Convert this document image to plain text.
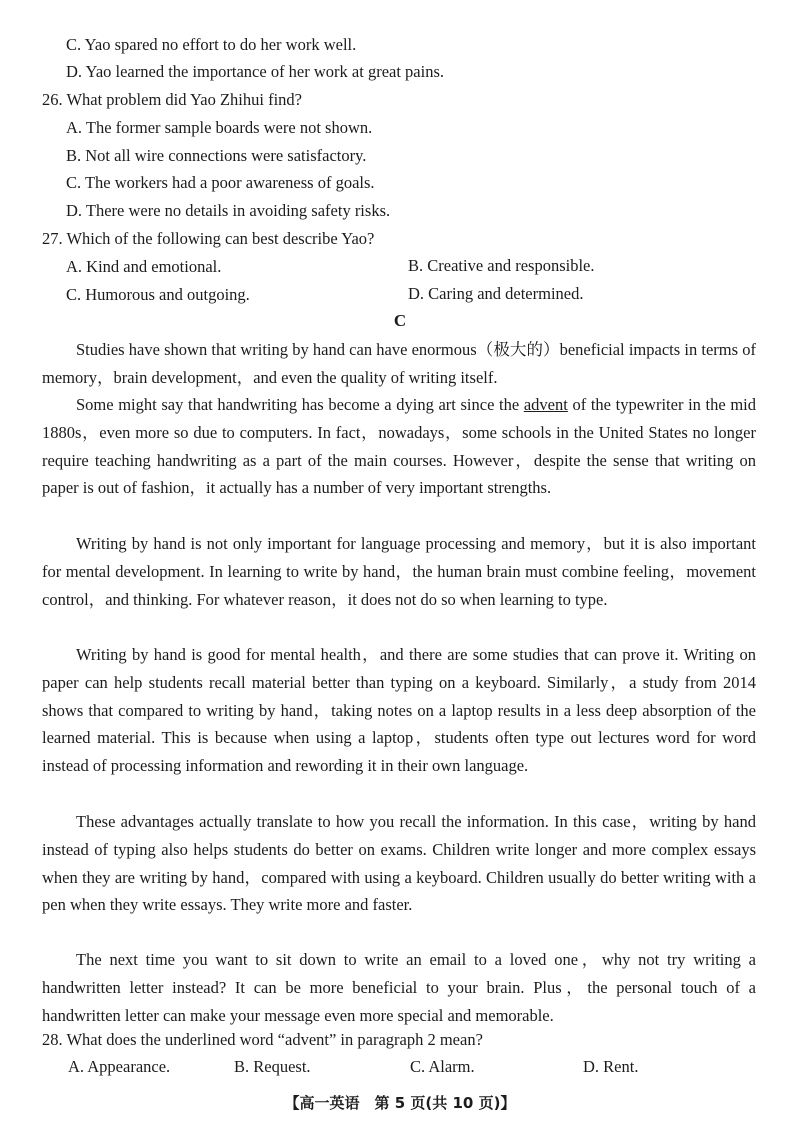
C. Yao spared no effort to do her work well.
D. Yao learned the importance of her work at great pains.
26. What problem did Yao Zhihui find?
A. The former sample boards were not shown.
B. Not all wire connections were satisfactory.
C. The workers had a poor awareness of goals.
D. There were no details in avoiding safety risks.
27. Which of the following can best describe Yao?
A. Kind and emotional.	B. Creative and responsible.
C. Humorous and outgoing.	D. Caring and determined.
C
Studies have shown that writing by hand can have enormous（极大的）beneficial impacts in terms of memory，brain development，and even the quality of writing itself.
Some might say that handwriting has become a dying art since the advent of the typewriter in the mid 1880s，even more so due to computers. In fact，nowadays，some schools in the United States no longer require teaching handwriting as a part of the main courses. However，despite the sense that writing on paper is out of fashion，it actually has a number of very important strengths.
Writing by hand is not only important for language processing and memory，but it is also important for mental development. In learning to write by hand，the human brain must combine feeling，movement control，and thinking. For whatever reason，it does not do so when learning to type.
Writing by hand is good for mental health，and there are some studies that can prove it. Writing on paper can help students recall material better than typing on a keyboard. Similarly，a study from 2014 shows that compared to writing by hand，taking notes on a laptop results in a less deep absorption of the learned material. This is because when using a laptop，students often type out lectures word for word instead of processing information and rewording it in their own language.
These advantages actually translate to how you recall the information. In this case，writing by hand instead of typing also helps students do better on exams. Children write longer and more complex essays when they are writing by hand，compared with using a keyboard. Children usually do better writing with a pen when they write essays. They write more and faster.
The next time you want to sit down to write an email to a loved one，why not try writing a handwritten letter instead? It can be more beneficial to your brain. Plus，the personal touch of a handwritten letter can make your message even more special and memorable.
28. What does the underlined word “advent” in paragraph 2 mean?
A. Appearance.	B. Request.	C. Alarm.	D. Rent.
【高一英语　第 5 页(共 10 页)】
